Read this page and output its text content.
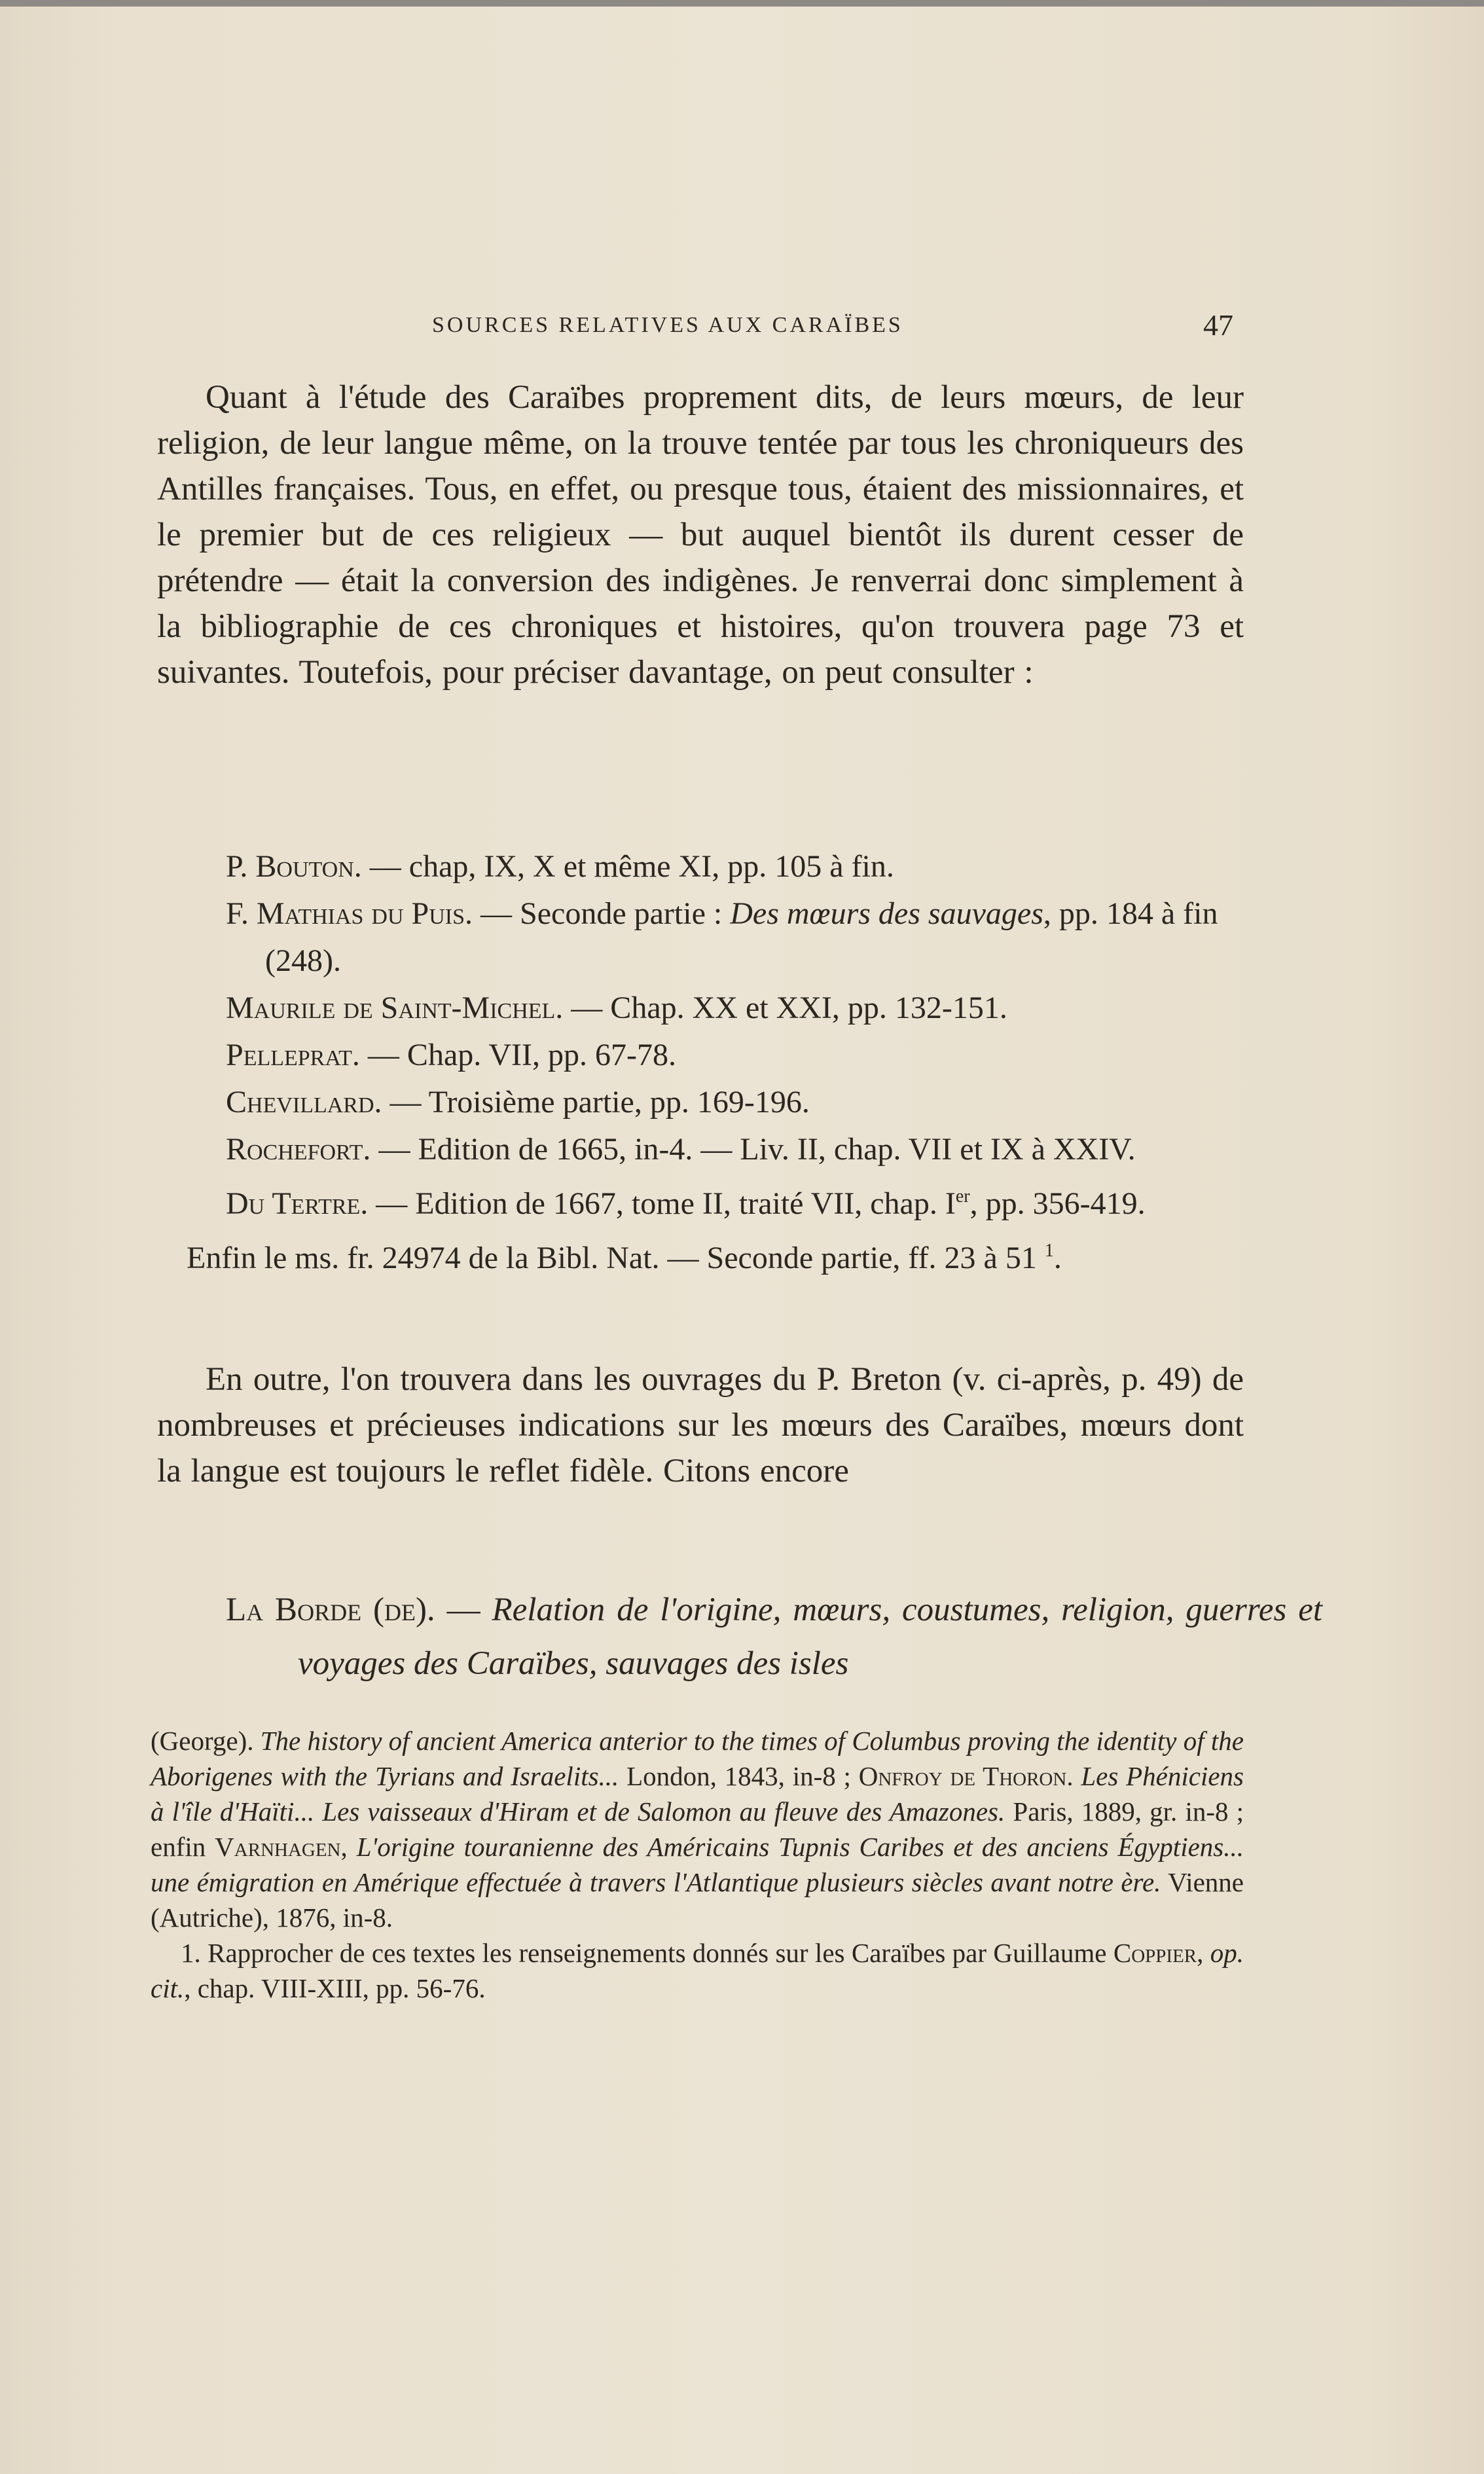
SOURCES RELATIVES AUX CARAÏBES	47

Quant à l'étude des Caraïbes proprement dits, de leurs mœurs, de leur religion, de leur langue même, on la trouve tentée par tous les chroniqueurs des Antilles françaises. Tous, en effet, ou presque tous, étaient des missionnaires, et le premier but de ces religieux — but auquel bientôt ils durent cesser de prétendre — était la conversion des indigènes. Je renverrai donc simplement à la bibliographie de ces chroniques et histoires, qu'on trouvera page 73 et suivantes. Toutefois, pour préciser davantage, on peut consulter :

P. Bouton. — chap, IX, X et même XI, pp. 105 à fin.
F. Mathias du Puis. — Seconde partie : Des mœurs des sauvages, pp. 184 à fin (248).
Maurile de Saint-Michel. — Chap. XX et XXI, pp. 132-151.
Pelleprat. — Chap. VII, pp. 67-78.
Chevillard. — Troisième partie, pp. 169-196.
Rochefort. — Edition de 1665, in-4. — Liv. II, chap. VII et IX à XXIV.
Du Tertre. — Edition de 1667, tome II, traité VII, chap. Ier, pp. 356-419.
Enfin le ms. fr. 24974 de la Bibl. Nat. — Seconde partie, ff. 23 à 51 $^1$.

En outre, l'on trouvera dans les ouvrages du P. Breton (v. ci-après, p. 49) de nombreuses et précieuses indications sur les mœurs des Caraïbes, mœurs dont la langue est toujours le reflet fidèle. Citons encore

La Borde (de). — Relation de l'origine, mœurs, coustumes, religion, guerres et voyages des Caraïbes, sauvages des isles

(George). The history of ancient America anterior to the times of Columbus proving the identity of the Aborigenes with the Tyrians and Israelits... London, 1843, in-8 ; Onfroy de Thoron. Les Phéniciens à l'île d'Haïti... Les vaisseaux d'Hiram et de Salomon au fleuve des Amazones. Paris, 1889, gr. in-8 ; enfin Varnhagen, L'origine touranienne des Américains Tupnis Caribes et des anciens Égyptiens... une émigration en Amérique effectuée à travers l'Atlantique plusieurs siècles avant notre ère. Vienne (Autriche), 1876, in-8.

1. Rapprocher de ces textes les renseignements donnés sur les Caraïbes par Guillaume Coppier, op. cit., chap. VIII-XIII, pp. 56-76.
